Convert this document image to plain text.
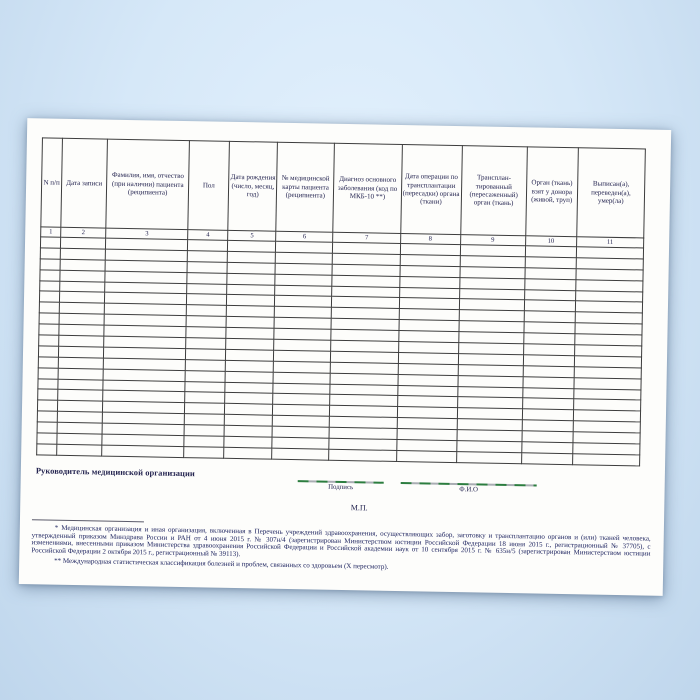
N п/п	Дата записи	Фамилия, имя, отчество (при наличии) пациента (реципиента)	Пол	Дата рождения (число, месяц, год)	№ медицинской карты пациента (реципиента)	Диагноз основного заболевания (код по МКБ-10 **)	Дата операции по трансплантации (пересадки) органа (ткани)	Трансплан-тированный (пересаженный) орган (ткань)	Орган (ткань) взят у донора (живой, труп)	Выписан(а), переведен(а), умер(ла)
1	2	3	4	5	6	7	8	9	10	11

Руководитель медицинской организации
Подпись	Ф.И.О
М.П.

* Медицинская организация и иная организация, включенная в Перечень учреждений здравоохранения, осуществляющих забор, заготовку и трансплантацию органов и (или) тканей человека, утвержденный приказом Минздрава России и РАН от 4 июня 2015 г. № 307н/4 (зарегистрирован Министерством юстиции Российской Федерации 18 июня 2015 г., регистрационный № 37705), с изменениями, внесенными приказом Министерства здравоохранения Российской Федерации и Российской академии наук от 10 сентября 2015 г. № 635н/5 (зарегистрирован Министерством юстиции Российской Федерации 2 октября 2015 г., регистрационный № 39113).

** Международная статистическая классификация болезней и проблем, связанных со здоровьем (X пересмотр).
